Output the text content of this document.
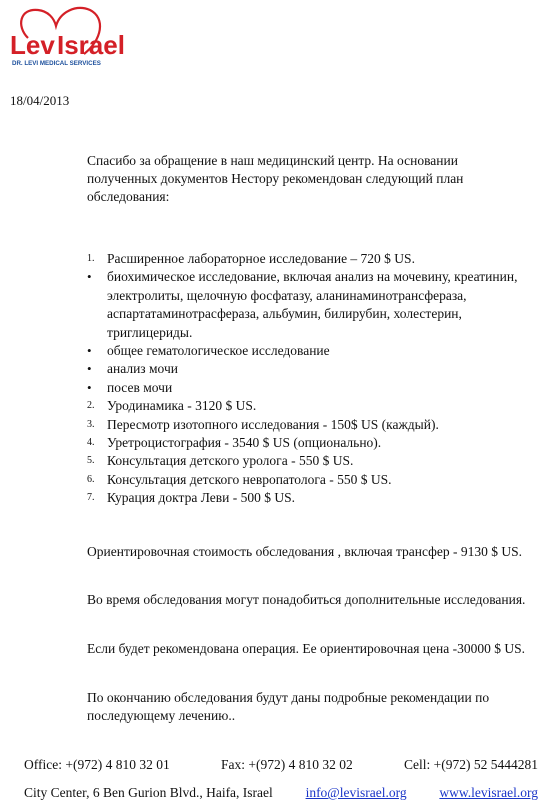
Lev Israel
DR. LEVI MEDICAL SERVICES
18/04/2013

Спасибо за обращение в наш медицинский центр. На основании полученных документов Нестору рекомендован следующий план обследования:

1. Расширенное лабораторное исследование – 720 $ US.
•	биохимическое исследование, включая анализ на мочевину, креатинин, электролиты, щелочную фосфатазу, аланинаминотрансфераза, аспартатаминотрасфераза, альбумин, билирубин, холестерин, триглицериды.
•	общее гематологическое исследование
•	анализ мочи
•	посев мочи
2. Уродинамика - 3120 $ US.
3. Пересмотр изотопного исследования - 150$ US (каждый).
4. Уретроцистография - 3540 $ US (опционально).
5. Консультация детского уролога - 550 $ US.
6. Консультация детского невропатолога - 550 $ US.
7. Курация доктра Леви - 500 $ US.

Ориентировочная стоимость обследования , включая трансфер - 9130 $ US.

Во время обследования могут понадобиться дополнительные исследования.

Если будет рекомендована операция. Ее ориентировочная цена -30000 $ US.

По окончанию обследования будут даны подробные рекомендации по последующему лечению..

Office: +(972) 4 810 32 01	Fax: +(972) 4 810 32 02	Cell: +(972) 52 5444281
City Center, 6 Ben Gurion Blvd., Haifa, Israel info@levisrael.org www.levisrael.org
